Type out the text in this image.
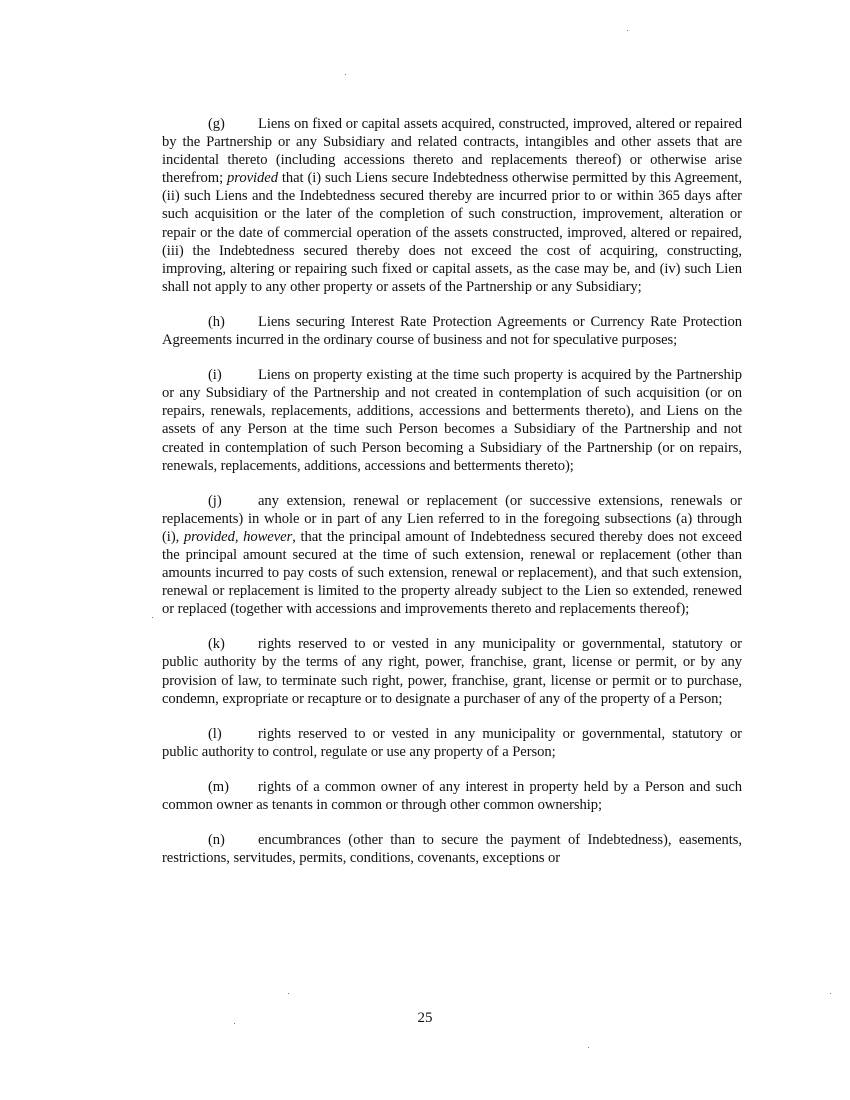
(g) Liens on fixed or capital assets acquired, constructed, improved, altered or repaired by the Partnership or any Subsidiary and related contracts, intangibles and other assets that are incidental thereto (including accessions thereto and replacements thereof) or otherwise arise therefrom; provided that (i) such Liens secure Indebtedness otherwise permitted by this Agreement, (ii) such Liens and the Indebtedness secured thereby are incurred prior to or within 365 days after such acquisition or the later of the completion of such construction, improvement, alteration or repair or the date of commercial operation of the assets constructed, improved, altered or repaired, (iii) the Indebtedness secured thereby does not exceed the cost of acquiring, constructing, improving, altering or repairing such fixed or capital assets, as the case may be, and (iv) such Lien shall not apply to any other property or assets of the Partnership or any Subsidiary;

(h) Liens securing Interest Rate Protection Agreements or Currency Rate Protection Agreements incurred in the ordinary course of business and not for speculative purposes;

(i) Liens on property existing at the time such property is acquired by the Partnership or any Subsidiary of the Partnership and not created in contemplation of such acquisition (or on repairs, renewals, replacements, additions, accessions and betterments thereto), and Liens on the assets of any Person at the time such Person becomes a Subsidiary of the Partnership and not created in contemplation of such Person becoming a Subsidiary of the Partnership (or on repairs, renewals, replacements, additions, accessions and betterments thereto);

(j) any extension, renewal or replacement (or successive extensions, renewals or replacements) in whole or in part of any Lien referred to in the foregoing subsections (a) through (i), provided, however, that the principal amount of Indebtedness secured thereby does not exceed the principal amount secured at the time of such extension, renewal or replacement (other than amounts incurred to pay costs of such extension, renewal or replacement), and that such extension, renewal or replacement is limited to the property already subject to the Lien so extended, renewed or replaced (together with accessions and improvements thereto and replacements thereof);

(k) rights reserved to or vested in any municipality or governmental, statutory or public authority by the terms of any right, power, franchise, grant, license or permit, or by any provision of law, to terminate such right, power, franchise, grant, license or permit or to purchase, condemn, expropriate or recapture or to designate a purchaser of any of the property of a Person;

(l) rights reserved to or vested in any municipality or governmental, statutory or public authority to control, regulate or use any property of a Person;

(m) rights of a common owner of any interest in property held by a Person and such common owner as tenants in common or through other common ownership;

(n) encumbrances (other than to secure the payment of Indebtedness), easements, restrictions, servitudes, permits, conditions, covenants, exceptions or

25
